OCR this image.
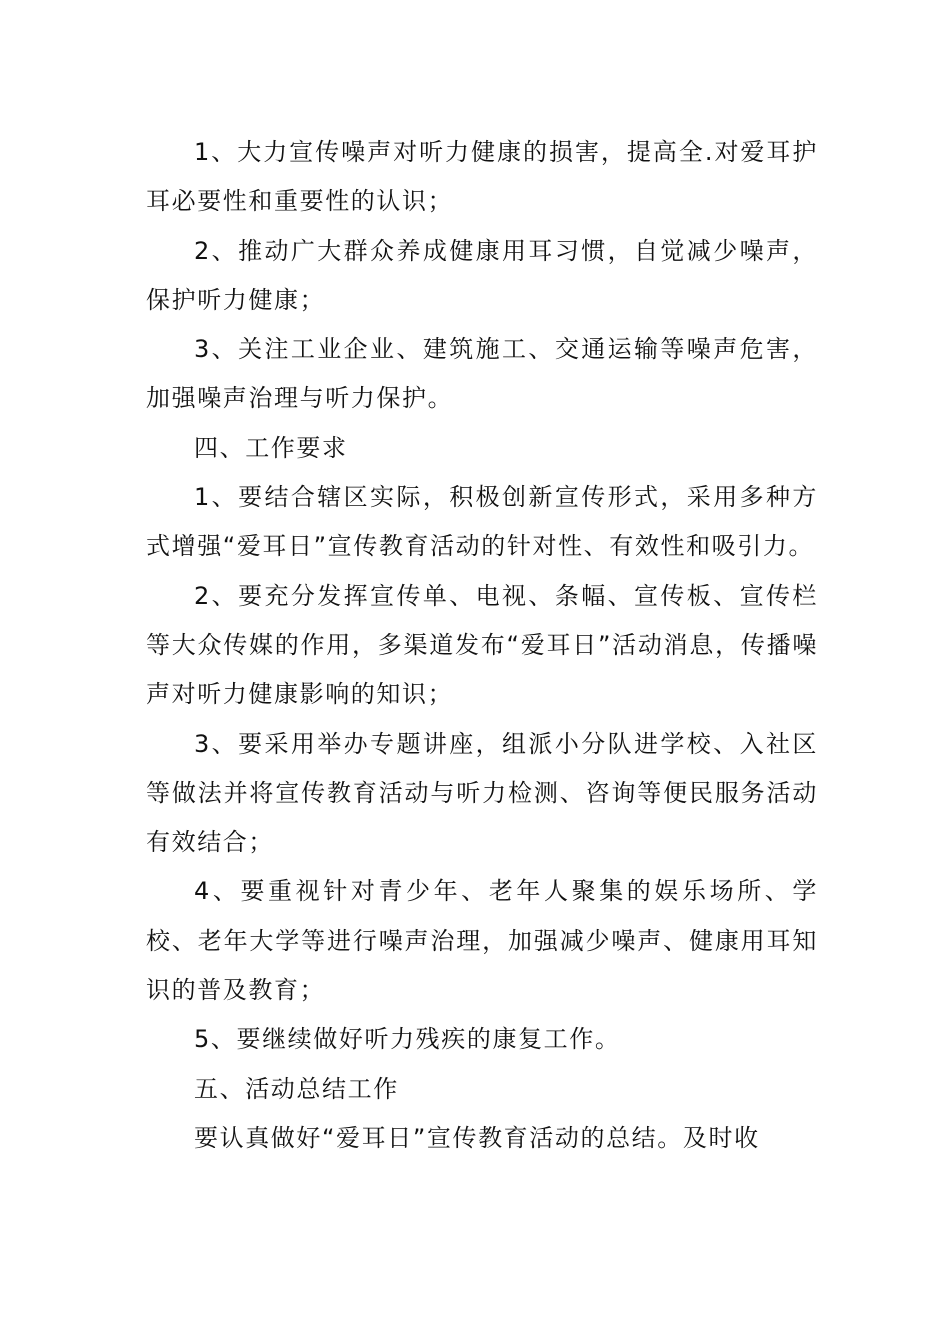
1、大力宣传噪声对听力健康的损害，提高全.对爱耳护耳必要性和重要性的认识；

2、推动广大群众养成健康用耳习惯，自觉减少噪声，保护听力健康；

3、关注工业企业、建筑施工、交通运输等噪声危害，加强噪声治理与听力保护。

四、工作要求

1、要结合辖区实际，积极创新宣传形式，采用多种方式增强“爱耳日”宣传教育活动的针对性、有效性和吸引力。

2、要充分发挥宣传单、电视、条幅、宣传板、宣传栏等大众传媒的作用，多渠道发布“爱耳日”活动消息，传播噪声对听力健康影响的知识；

3、要采用举办专题讲座，组派小分队进学校、入社区等做法并将宣传教育活动与听力检测、咨询等便民服务活动有效结合；

4、要重视针对青少年、老年人聚集的娱乐场所、学校、老年大学等进行噪声治理，加强减少噪声、健康用耳知识的普及教育；

5、要继续做好听力残疾的康复工作。

五、活动总结工作

要认真做好“爱耳日”宣传教育活动的总结。及时收
